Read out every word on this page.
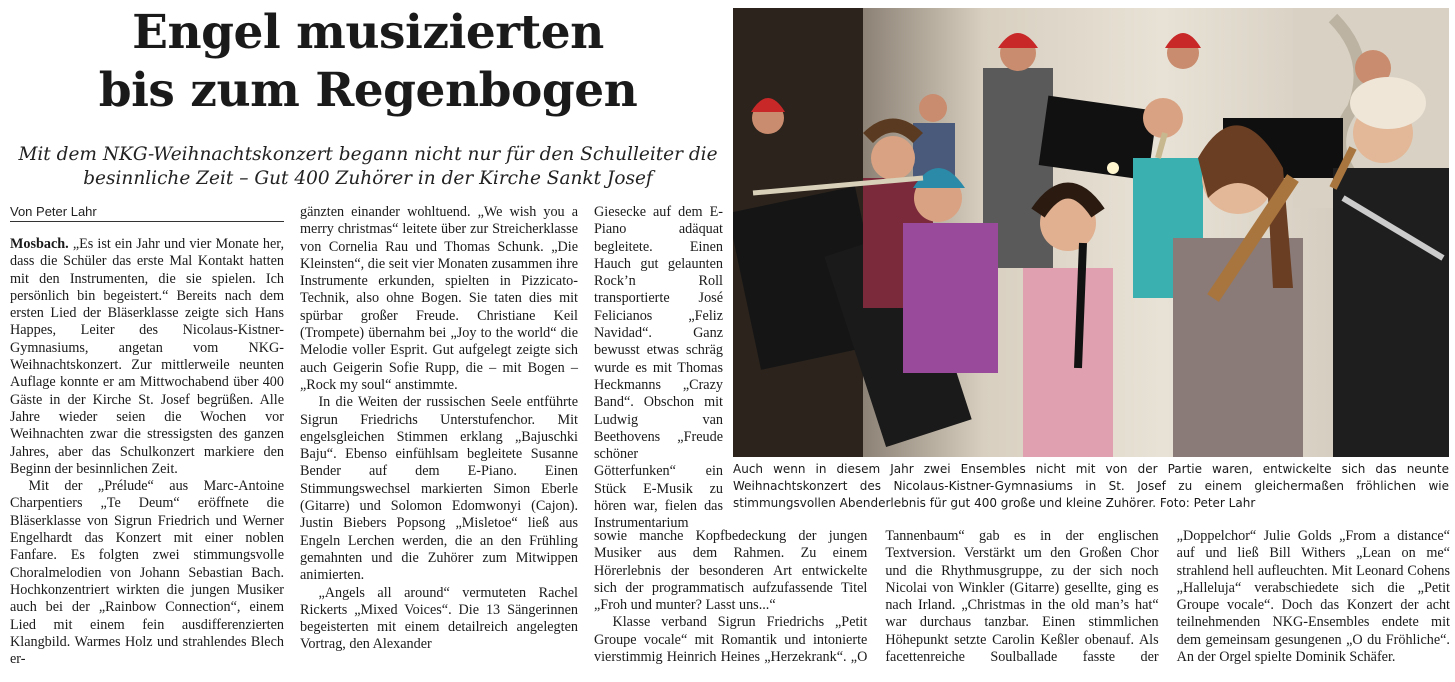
Engel musizierten
bis zum Regenbogen
Mit dem NKG-Weihnachtskonzert begann nicht nur für den Schulleiter die
besinnliche Zeit – Gut 400 Zuhörer in der Kirche Sankt Josef
Von Peter Lahr

Mosbach. „Es ist ein Jahr und vier Monate her, dass die Schüler das erste Mal Kontakt hatten mit den Instrumenten, die sie spielen. Ich persönlich bin begeistert.“ Bereits nach dem ersten Lied der Bläserklasse zeigte sich Hans Happes, Leiter des Nicolaus-Kistner-Gymnasiums, angetan vom NKG-Weihnachtskonzert. Zur mittlerweile neunten Auflage konnte er am Mittwochabend über 400 Gäste in der Kirche St. Josef begrüßen. Alle Jahre wieder seien die Wochen vor Weihnachten zwar die stressigsten des ganzen Jahres, aber das Schulkonzert markiere den Beginn der besinnlichen Zeit.

Mit der „Prélude“ aus Marc-Antoine Charpentiers „Te Deum“ eröffnete die Bläserklasse von Sigrun Friedrich und Werner Engelhardt das Konzert mit einer noblen Fanfare. Es folgten zwei stimmungsvolle Choralmelodien von Johann Sebastian Bach. Hochkonzentriert wirkten die jungen Musiker auch bei der „Rainbow Connection“, einem Lied mit einem fein ausdifferenzierten Klangbild. Warmes Holz und strahlendes Blech er-

gänzten einander wohltuend. „We wish you a merry christmas“ leitete über zur Streicherklasse von Cornelia Rau und Thomas Schunk. „Die Kleinsten“, die seit vier Monaten zusammen ihre Instrumente erkunden, spielten in Pizzicato-Technik, also ohne Bogen. Sie taten dies mit spürbar großer Freude. Christiane Keil (Trompete) übernahm bei „Joy to the world“ die Melodie voller Esprit. Gut aufgelegt zeigte sich auch Geigerin Sofie Rupp, die – mit Bogen – „Rock my soul“ anstimmte.

In die Weiten der russischen Seele entführte Sigrun Friedrichs Unterstufenchor. Mit engelsgleichen Stimmen erklang „Bajuschki Baju“. Ebenso einfühlsam begleitete Susanne Bender auf dem E-Piano. Einen Stimmungswechsel markierten Simon Eberle (Gitarre) und Solomon Edomwonyi (Cajon). Justin Biebers Popsong „Misletoe“ ließ aus Engeln Lerchen werden, die an den Frühling gemahnten und die Zuhörer zum Mitwippen animierten.

„Angels all around“ vermuteten Rachel Rickerts „Mixed Voices“. Die 13 Sängerinnen begeisterten mit einem detailreich angelegten Vortrag, den Alexander

Giesecke auf dem E-Piano adäquat begleitete. Einen Hauch gut gelaunten Rock’n Roll transportierte José Felicianos „Feliz Navidad“. Ganz bewusst etwas schräg wurde es mit Thomas Heckmanns „Crazy Band“. Obschon mit Ludwig van Beethovens „Freude schöner Götterfunken“ ein Stück E-Musik zu hören war, fielen das Instrumentarium

Auch wenn in diesem Jahr zwei Ensembles nicht mit von der Partie waren, entwickelte sich das neunte Weihnachtskonzert des Nicolaus-Kistner-Gymnasiums in St. Josef zu einem gleichermaßen fröhlichen wie stimmungsvollen Abenderlebnis für gut 400 große und kleine Zuhörer. Foto: Peter Lahr

sowie manche Kopfbedeckung der jungen Musiker aus dem Rahmen. Zu einem Hörerlebnis der besonderen Art entwickelte sich der programmatisch aufzufassende Titel „Froh und munter? Lasst uns...“

Klasse verband Sigrun Friedrichs „Petit Groupe vocale“ mit Romantik und intonierte vierstimmig Heinrich Heines „Herzekrank“. „O Tannenbaum“ gab es in der englischen Textversion. Verstärkt um den Großen Chor und die Rhythmusgruppe, zu der sich noch Nicolai von Winkler (Gitarre) gesellte, ging es nach Irland. „Christmas in the old man’s hat“ war durchaus tanzbar. Einen stimmlichen Höhepunkt setzte Carolin Keßler obenauf. Als facettenreiche Soulballade fasste der „Doppelchor“ Julie Golds „From a distance“ auf und ließ Bill Withers „Lean on me“ strahlend hell aufleuchten. Mit Leonard Cohens „Halleluja“ verabschiedete sich die „Petit Groupe vocale“. Doch das Konzert der acht teilnehmenden NKG-Ensembles endete mit dem gemeinsam gesungenen „O du Fröhliche“. An der Orgel spielte Dominik Schäfer.
